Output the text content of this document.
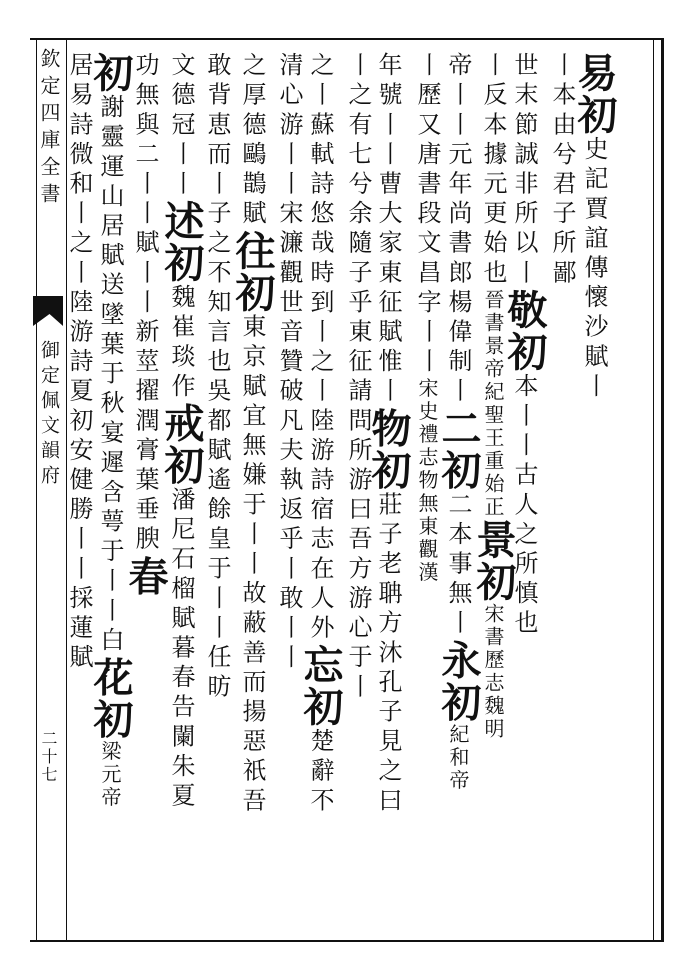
欽定四庫全書
御定佩文韻府
二十七
易初史記賈誼傳懷沙賦丨
丨本由兮君子所鄙
世末節誠非所以丨敬初本丨丨古人之所慎也
丨反本據元更始也晉書景帝紀聖王重始正景初宋書歷志魏明
帝丨丨元年尚書郎楊偉制丨二初二本事無丨永初紀和帝
丨歷又唐書段文昌字丨丨宋史禮志物無東觀漢
年號丨丨曹大家東征賦惟丨物初莊子老聃方沐孔子見之曰
丨之有七兮余隨子乎東征請問所游曰吾方游心于丨
之丨蘇軾詩悠哉時到丨之丨陸游詩宿志在人外忘初楚辭不
清心游丨丨宋濂觀世音贊破凡夫執返乎丨敢丨丨
之厚德鷗鵲賦往初東京賦宜無嫌于丨丨故蔽善而揚惡祇吾
敢背恵而丨子之不知言也吳都賦遙餘皇于丨丨任昉
文德冠丨丨述初魏崔琰作戒初潘尼石榴賦暮春告闌朱夏
功無與二丨丨賦丨丨新莖擢潤膏葉垂腴春
初謝靈運山居賦送墜葉于秋宴遲含萼于丨丨白花初梁元帝
居易詩微和丨之丨陸游詩夏初安健勝丨丨採蓮賦
